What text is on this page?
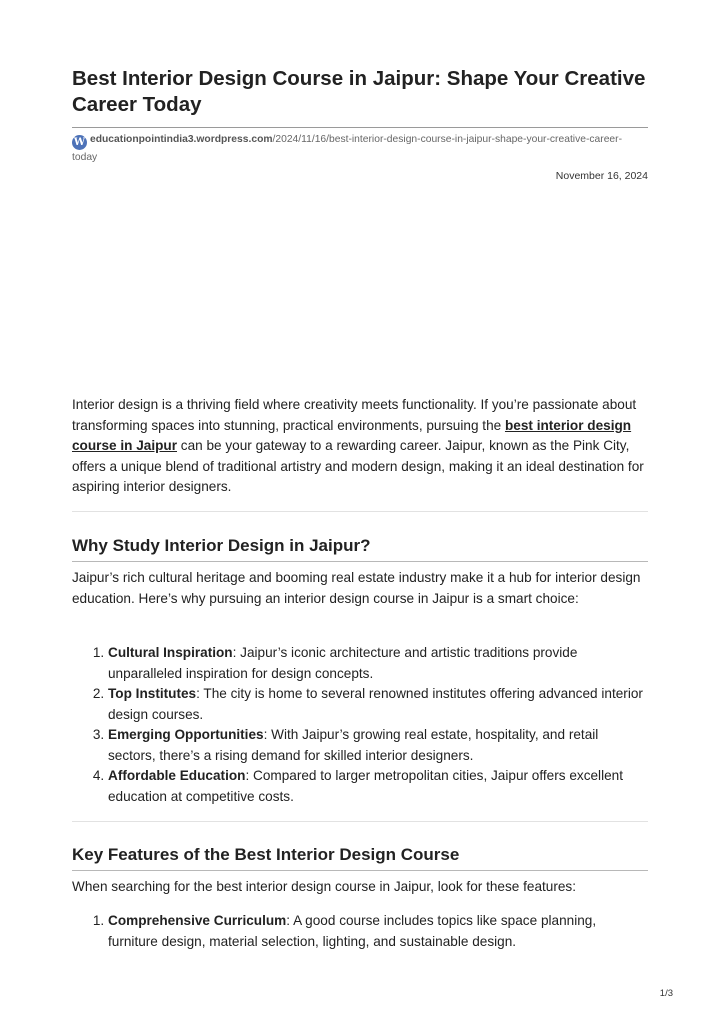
Best Interior Design Course in Jaipur: Shape Your Creative Career Today
W educationpointindia3.wordpress.com/2024/11/16/best-interior-design-course-in-jaipur-shape-your-creative-career-today
November 16, 2024

Interior design is a thriving field where creativity meets functionality. If you’re passionate about transforming spaces into stunning, practical environments, pursuing the best interior design course in Jaipur can be your gateway to a rewarding career. Jaipur, known as the Pink City, offers a unique blend of traditional artistry and modern design, making it an ideal destination for aspiring interior designers.

Why Study Interior Design in Jaipur?

Jaipur’s rich cultural heritage and booming real estate industry make it a hub for interior design education. Here’s why pursuing an interior design course in Jaipur is a smart choice:

1. Cultural Inspiration: Jaipur’s iconic architecture and artistic traditions provide unparalleled inspiration for design concepts.
2. Top Institutes: The city is home to several renowned institutes offering advanced interior design courses.
3. Emerging Opportunities: With Jaipur’s growing real estate, hospitality, and retail sectors, there’s a rising demand for skilled interior designers.
4. Affordable Education: Compared to larger metropolitan cities, Jaipur offers excellent education at competitive costs.
Key Features of the Best Interior Design Course

When searching for the best interior design course in Jaipur, look for these features:

1. Comprehensive Curriculum: A good course includes topics like space planning, furniture design, material selection, lighting, and sustainable design.
1/3
